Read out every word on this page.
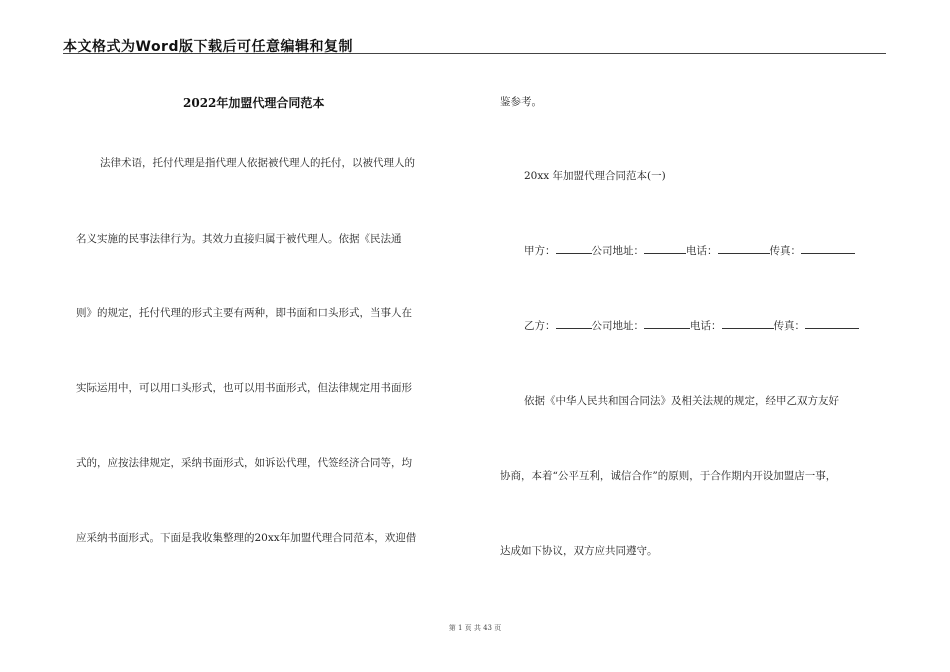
本文格式为Word版下载后可任意编辑和复制
2022年加盟代理合同范本
法律术语，托付代理是指代理人依据被代理人的托付，以被代理人的
名义实施的民事法律行为。其效力直接归属于被代理人。依据《民法通
则》的规定，托付代理的形式主要有两种，即书面和口头形式，当事人在
实际运用中，可以用口头形式，也可以用书面形式，但法律规定用书面形
式的，应按法律规定，采纳书面形式，如诉讼代理，代签经济合同等，均
应采纳书面形式。下面是我收集整理的20xx年加盟代理合同范本，欢迎借
鉴参考。
20xx 年加盟代理合同范本(一)
甲方：	公司地址：	电话：	传真：
乙方：	公司地址：	电话：	传真：
依据《中华人民共和国合同法》及相关法规的规定，经甲乙双方友好
协商，本着“公平互利，诚信合作”的原则，于合作期内开设加盟店一事，
达成如下协议，双方应共同遵守。
第 1 页 共 43 页
